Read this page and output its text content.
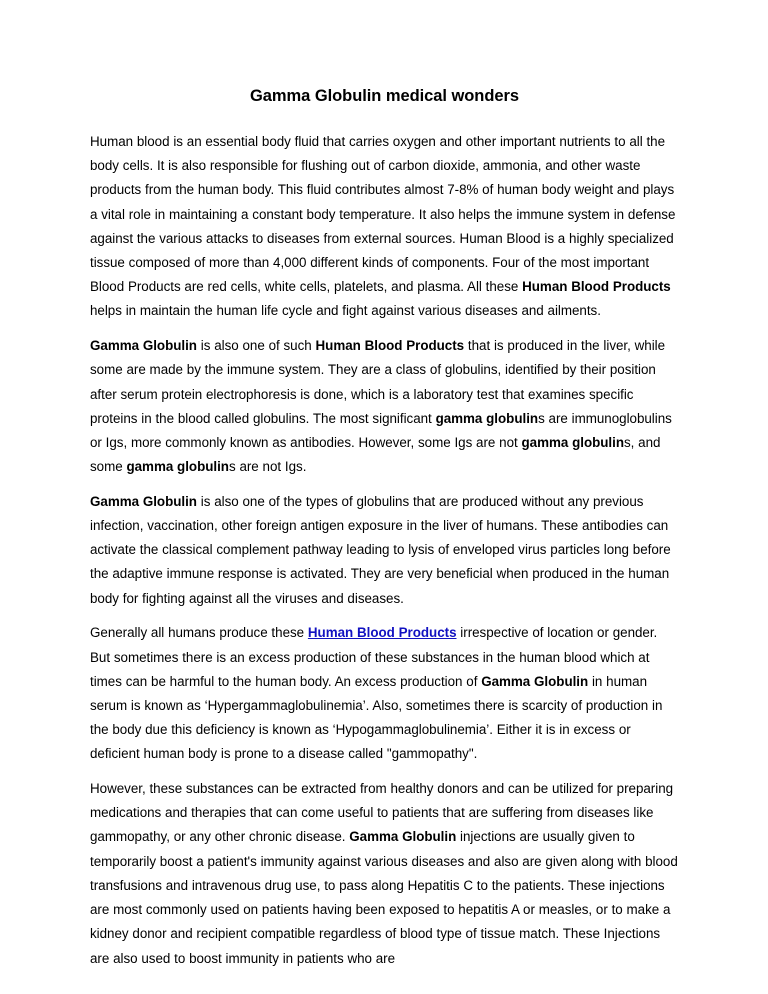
Gamma Globulin medical wonders

Human blood is an essential body fluid that carries oxygen and other important nutrients to all the body cells. It is also responsible for flushing out of carbon dioxide, ammonia, and other waste products from the human body. This fluid contributes almost 7-8% of human body weight and plays a vital role in maintaining a constant body temperature. It also helps the immune system in defense against the various attacks to diseases from external sources. Human Blood is a highly specialized tissue composed of more than 4,000 different kinds of components. Four of the most important Blood Products are red cells, white cells, platelets, and plasma. All these Human Blood Products helps in maintain the human life cycle and fight against various diseases and ailments.

Gamma Globulin is also one of such Human Blood Products that is produced in the liver, while some are made by the immune system. They are a class of globulins, identified by their position after serum protein electrophoresis is done, which is a laboratory test that examines specific proteins in the blood called globulins. The most significant gamma globulins are immunoglobulins or Igs, more commonly known as antibodies. However, some Igs are not gamma globulins, and some gamma globulins are not Igs.

Gamma Globulin is also one of the types of globulins that are produced without any previous infection, vaccination, other foreign antigen exposure in the liver of humans. These antibodies can activate the classical complement pathway leading to lysis of enveloped virus particles long before the adaptive immune response is activated. They are very beneficial when produced in the human body for fighting against all the viruses and diseases.

Generally all humans produce these Human Blood Products irrespective of location or gender. But sometimes there is an excess production of these substances in the human blood which at times can be harmful to the human body. An excess production of Gamma Globulin in human serum is known as ‘Hypergammaglobulinemia’. Also, sometimes there is scarcity of production in the body due this deficiency is known as ‘Hypogammaglobulinemia’. Either it is in excess or deficient human body is prone to a disease called "gammopathy".

However, these substances can be extracted from healthy donors and can be utilized for preparing medications and therapies that can come useful to patients that are suffering from diseases like gammopathy, or any other chronic disease. Gamma Globulin injections are usually given to temporarily boost a patient's immunity against various diseases and also are given along with blood transfusions and intravenous drug use, to pass along Hepatitis C to the patients. These injections are most commonly used on patients having been exposed to hepatitis A or measles, or to make a kidney donor and recipient compatible regardless of blood type of tissue match. These Injections are also used to boost immunity in patients who are
